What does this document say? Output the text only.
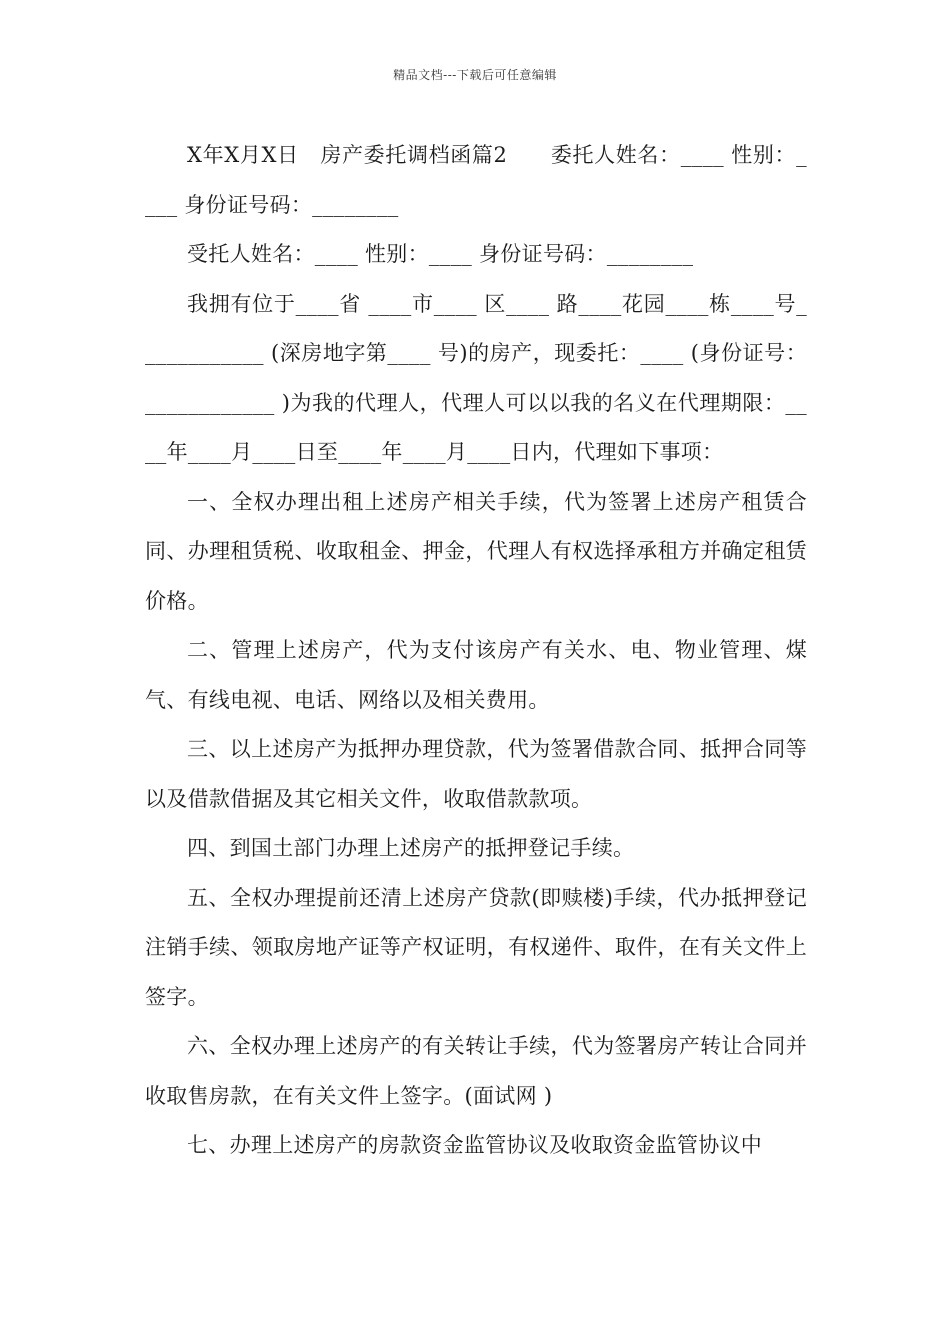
精品文档---下载后可任意编辑

X年X月X日　房产委托调档函篇2　　委托人姓名：____ 性别：____ 身份证号码：________

受托人姓名：____ 性别：____ 身份证号码：________

我拥有位于____省 ____市____ 区____ 路____花园____栋____号____________ (深房地字第____ 号)的房产，现委托：____ (身份证号：____________ )为我的代理人，代理人可以以我的名义在代理期限：____年____月____日至____年____月____日内，代理如下事项：

一、全权办理出租上述房产相关手续，代为签署上述房产租赁合同、办理租赁税、收取租金、押金，代理人有权选择承租方并确定租赁价格。

二、管理上述房产，代为支付该房产有关水、电、物业管理、煤气、有线电视、电话、网络以及相关费用。

三、以上述房产为抵押办理贷款，代为签署借款合同、抵押合同等以及借款借据及其它相关文件，收取借款款项。

四、到国土部门办理上述房产的抵押登记手续。

五、全权办理提前还清上述房产贷款(即赎楼)手续，代办抵押登记注销手续、领取房地产证等产权证明，有权递件、取件，在有关文件上签字。

六、全权办理上述房产的有关转让手续，代为签署房产转让合同并收取售房款，在有关文件上签字。(面试网 )

七、办理上述房产的房款资金监管协议及收取资金监管协议中
